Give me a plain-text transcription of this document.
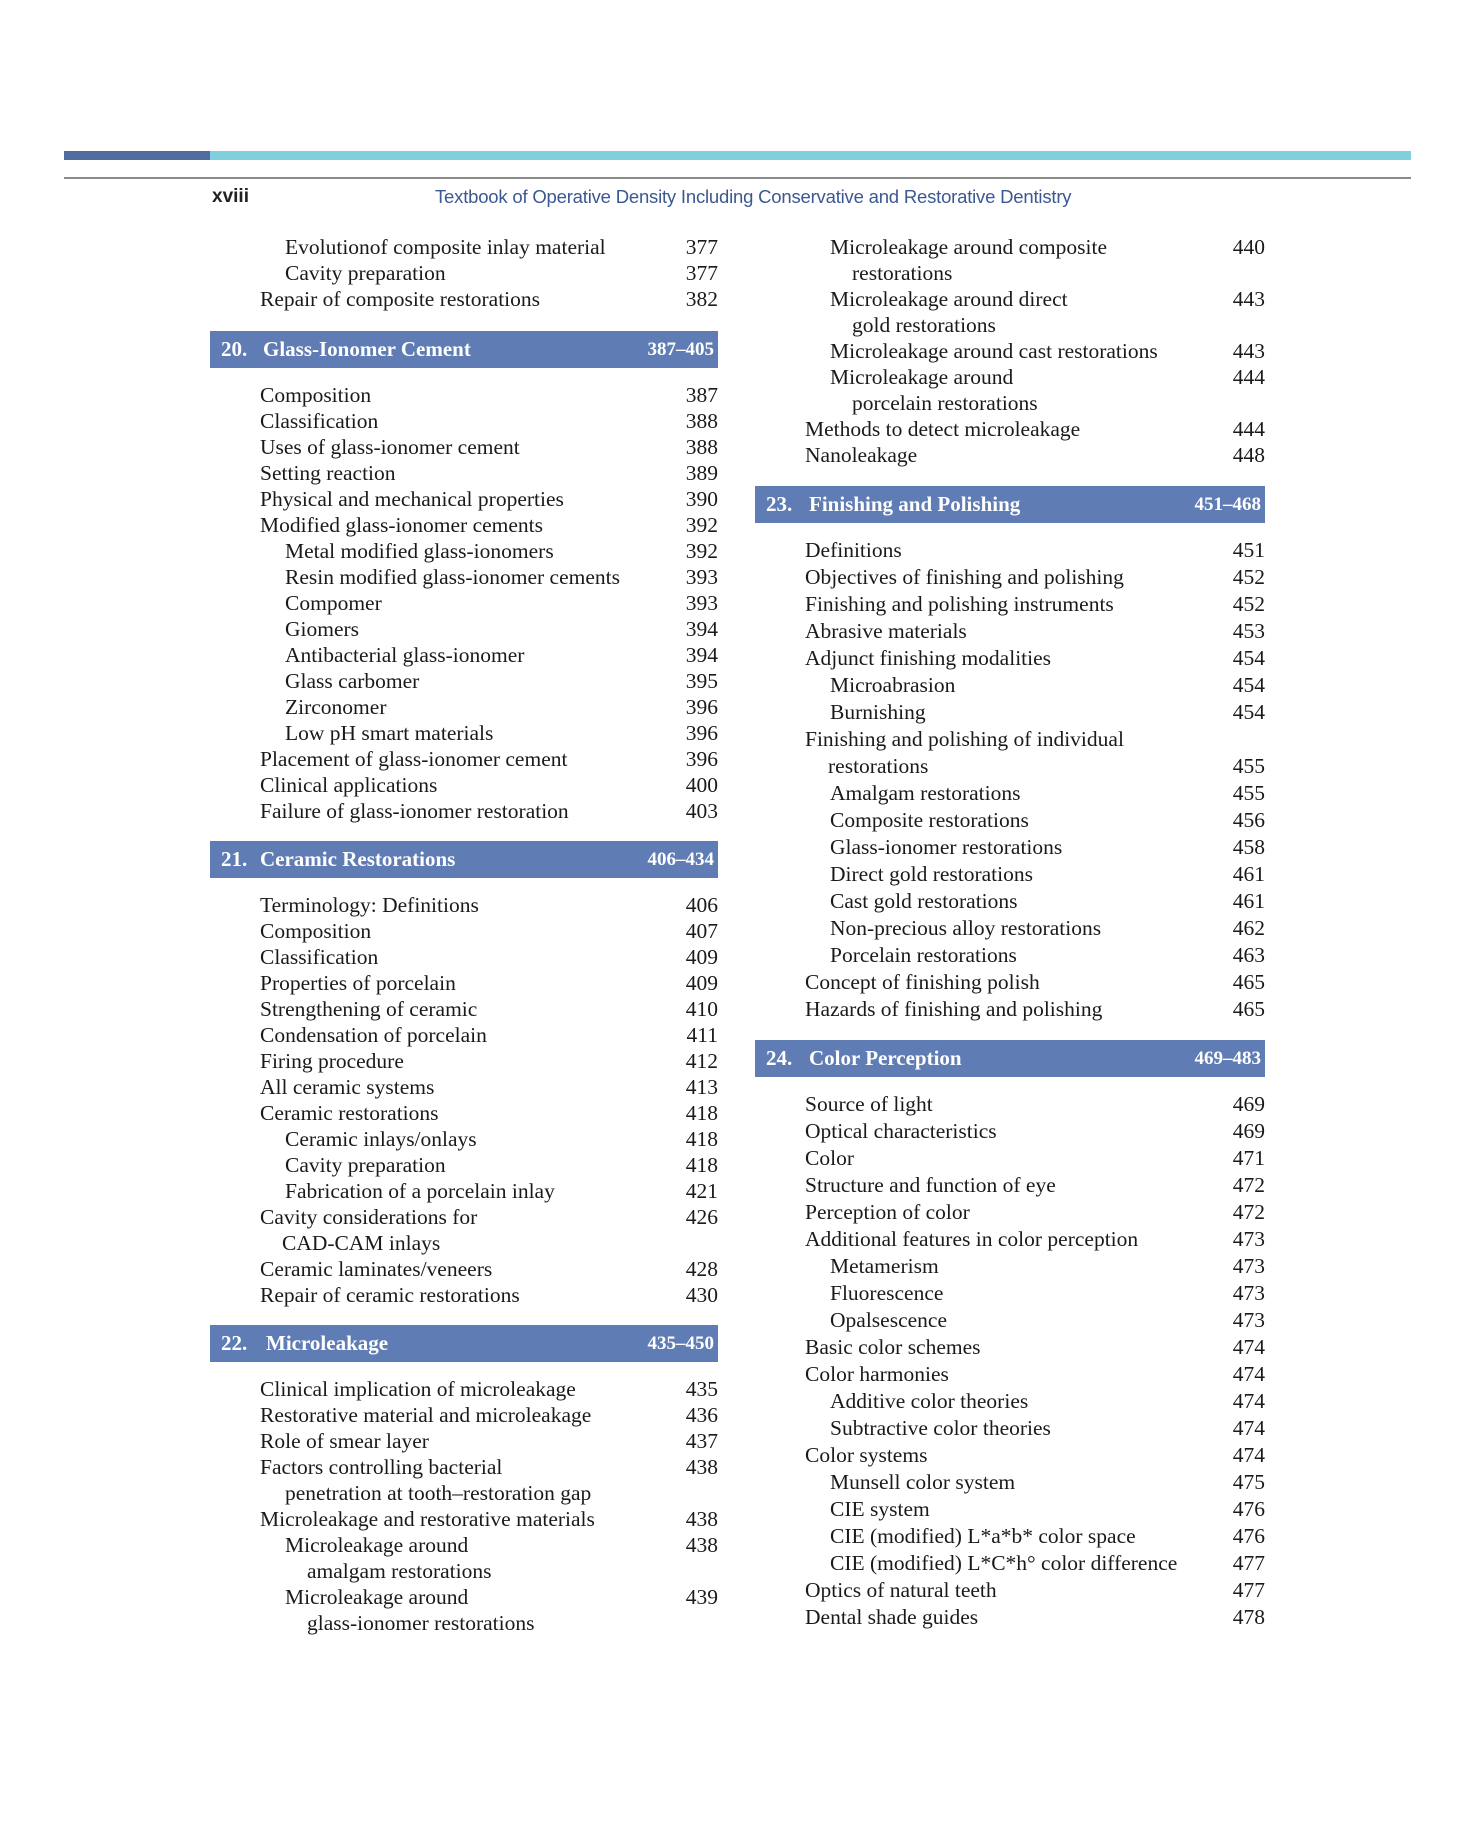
xviii	Textbook of Operative Density Including Conservative and Restorative Dentistry
Evolutionof composite inlay material	377
Cavity preparation	377
Repair of composite restorations	382
20. Glass-Ionomer Cement	387–405
Composition	387
Classification	388
Uses of glass-ionomer cement	388
Setting reaction	389
Physical and mechanical properties	390
Modified glass-ionomer cements	392
Metal modified glass-ionomers	392
Resin modified glass-ionomer cements	393
Compomer	393
Giomers	394
Antibacterial glass-ionomer	394
Glass carbomer	395
Zirconomer	396
Low pH smart materials	396
Placement of glass-ionomer cement	396
Clinical applications	400
Failure of glass-ionomer restoration	403
21. Ceramic Restorations	406–434
Terminology: Definitions	406
Composition	407
Classification	409
Properties of porcelain	409
Strengthening of ceramic	410
Condensation of porcelain	411
Firing procedure	412
All ceramic systems	413
Ceramic restorations	418
Ceramic inlays/onlays	418
Cavity preparation	418
Fabrication of a porcelain inlay	421
Cavity considerations for	426
CAD-CAM inlays
Ceramic laminates/veneers	428
Repair of ceramic restorations	430
22. Microleakage	435–450
Clinical implication of microleakage	435
Restorative material and microleakage	436
Role of smear layer	437
Factors controlling bacterial	438
penetration at tooth–restoration gap
Microleakage and restorative materials	438
Microleakage around	438
amalgam restorations
Microleakage around	439
glass-ionomer restorations
Microleakage around composite	440
restorations
Microleakage around direct	443
gold restorations
Microleakage around cast restorations	443
Microleakage around	444
porcelain restorations
Methods to detect microleakage	444
Nanoleakage	448
23. Finishing and Polishing	451–468
Definitions	451
Objectives of finishing and polishing	452
Finishing and polishing instruments	452
Abrasive materials	453
Adjunct finishing modalities	454
Microabrasion	454
Burnishing	454
Finishing and polishing of individual
restorations	455
Amalgam restorations	455
Composite restorations	456
Glass-ionomer restorations	458
Direct gold restorations	461
Cast gold restorations	461
Non-precious alloy restorations	462
Porcelain restorations	463
Concept of finishing polish	465
Hazards of finishing and polishing	465
24. Color Perception	469–483
Source of light	469
Optical characteristics	469
Color	471
Structure and function of eye	472
Perception of color	472
Additional features in color perception	473
Metamerism	473
Fluorescence	473
Opalsescence	473
Basic color schemes	474
Color harmonies	474
Additive color theories	474
Subtractive color theories	474
Color systems	474
Munsell color system	475
CIE system	476
CIE (modified) L*a*b* color space	476
CIE (modified) L*C*h° color difference	477
Optics of natural teeth	477
Dental shade guides	478
